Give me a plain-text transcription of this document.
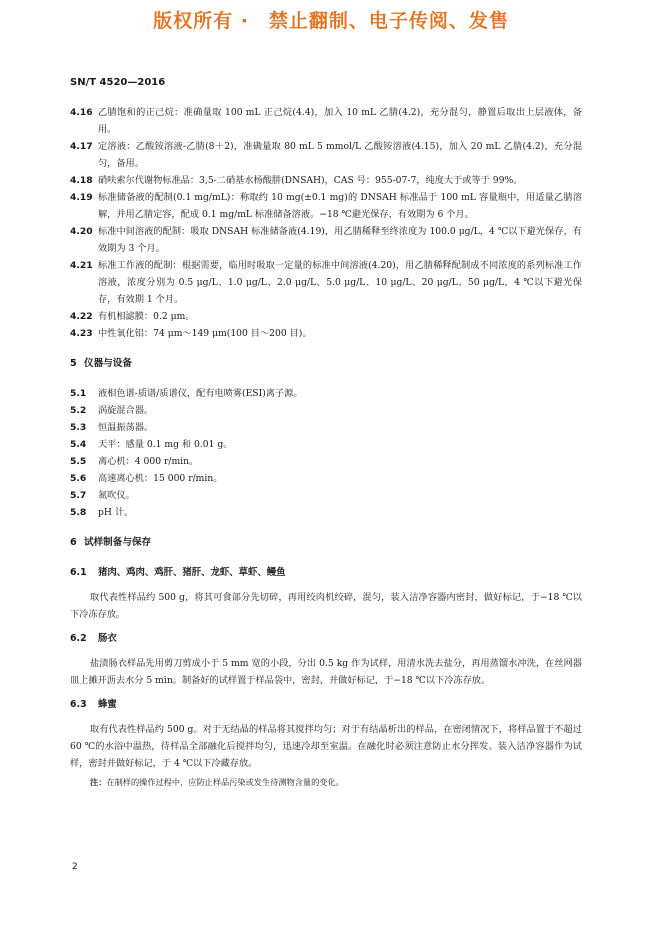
版权所有 ·　禁止翻制、电子传阅、发售
SN/T 4520—2016
4.16 乙腈饱和的正己烷：准确量取 100 mL 正己烷(4.4)，加入 10 mL 乙腈(4.2)，充分混匀，静置后取出上层液体，备用。
4.17 定溶液：乙酸铵溶液-乙腈(8＋2)，准确量取 80 mL 5 mmol/L 乙酸铵溶液(4.15)，加入 20 mL 乙腈(4.2)，充分混匀，备用。
4.18 硝呋索尔代谢物标准品：3,5-二硝基水杨酸肼(DNSAH)，CAS 号：955-07-7，纯度大于或等于 99%。
4.19 标准储备液的配制(0.1 mg/mL)：称取约 10 mg(±0.1 mg)的 DNSAH 标准品于 100 mL 容量瓶中，用适量乙腈溶解，并用乙腈定容，配成 0.1 mg/mL 标准储备溶液。−18 ℃避光保存，有效期为 6 个月。
4.20 标准中间溶液的配制：吸取 DNSAH 标准储备液(4.19)，用乙腈稀释至终浓度为 100.0 μg/L，4 ℃以下避光保存，有效期为 3 个月。
4.21 标准工作液的配制：根据需要，临用时吸取一定量的标准中间溶液(4.20)，用乙腈稀释配制成不同浓度的系列标准工作溶液，浓度分别为 0.5 μg/L、1.0 μg/L、2.0 μg/L、5.0 μg/L、10 μg/L、20 μg/L、50 μg/L，4 ℃以下避光保存，有效期 1 个月。
4.22 有机相滤膜：0.2 μm。
4.23 中性氧化铝：74 μm～149 μm(100 目～200 目)。
5 仪器与设备
5.1 液相色谱-质谱/质谱仪，配有电喷雾(ESI)离子源。
5.2 涡旋混合器。
5.3 恒温振荡器。
5.4 天平：感量 0.1 mg 和 0.01 g。
5.5 离心机：4 000 r/min。
5.6 高速离心机：15 000 r/min。
5.7 氮吹仪。
5.8 pH 计。
6 试样制备与保存
6.1 猪肉、鸡肉、鸡肝、猪肝、龙虾、草虾、鳗鱼
取代表性样品约 500 g，将其可食部分先切碎，再用绞肉机绞碎，混匀，装入洁净容器内密封，做好标记，于−18 ℃以下冷冻存放。
6.2 肠衣
盐渍肠衣样品先用剪刀剪成小于 5 mm 宽的小段，分出 0.5 kg 作为试样，用清水洗去盐分，再用蒸馏水冲洗，在丝网器皿上摊开沥去水分 5 min。制备好的试样置于样品袋中，密封，并做好标记，于−18 ℃以下冷冻存放。
6.3 蜂蜜
取有代表性样品约 500 g。对于无结晶的样品将其搅拌均匀；对于有结晶析出的样品，在密闭情况下，将样品置于不超过 60 ℃的水浴中温热，待样品全部融化后搅拌均匀，迅速冷却至室温。在融化时必须注意防止水分挥发。装入洁净容器作为试样，密封并做好标记，于 4 ℃以下冷藏存放。
注：在制样的操作过程中，应防止样品污染或发生待测物含量的变化。
2
